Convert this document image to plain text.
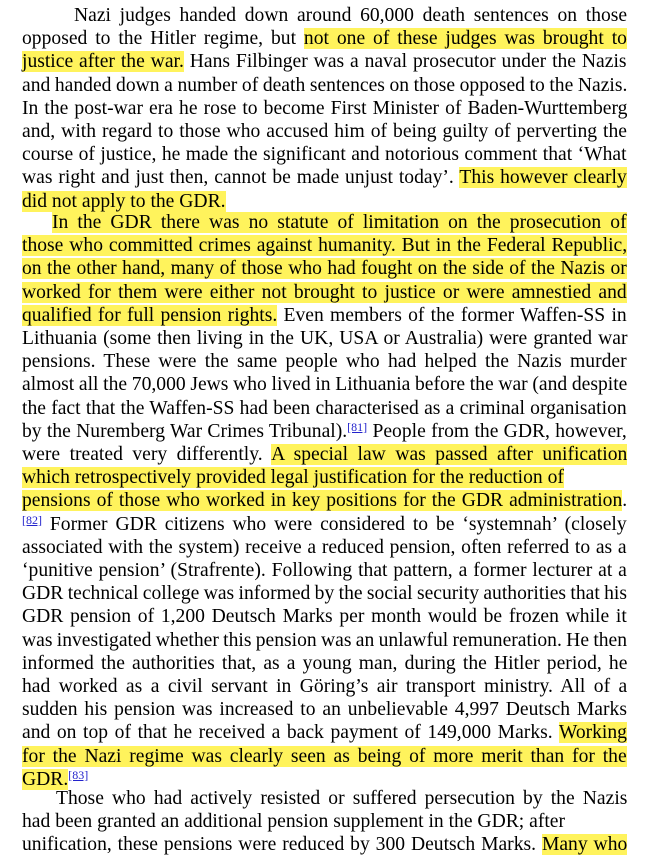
Nazi judges handed down around 60,000 death sentences on those
opposed to the Hitler regime, but not one of these judges was brought to
justice after the war. Hans Filbinger was a naval prosecutor under the Nazis
and handed down a number of death sentences on those opposed to the Nazis.
In the post-war era he rose to become First Minister of Baden-Wurttemberg
and, with regard to those who accused him of being guilty of perverting the
course of justice, he made the significant and notorious comment that ‘What
was right and just then, cannot be made unjust today’. This however clearly
did not apply to the GDR.
In the GDR there was no statute of limitation on the prosecution of
those who committed crimes against humanity. But in the Federal Republic,
on the other hand, many of those who had fought on the side of the Nazis or
worked for them were either not brought to justice or were amnestied and
qualified for full pension rights. Even members of the former Waffen-SS in
Lithuania (some then living in the UK, USA or Australia) were granted war
pensions. These were the same people who had helped the Nazis murder
almost all the 70,000 Jews who lived in Lithuania before the war (and despite
the fact that the Waffen-SS had been characterised as a criminal organisation
by the Nuremberg War Crimes Tribunal).[81] People from the GDR, however,
were treated very differently. A special law was passed after unification
which retrospectively provided legal justification for the reduction of
pensions of those who worked in key positions for the GDR administration.
[82] Former GDR citizens who were considered to be ‘systemnah’ (closely
associated with the system) receive a reduced pension, often referred to as a
‘punitive pension’ (Strafrente). Following that pattern, a former lecturer at a
GDR technical college was informed by the social security authorities that his
GDR pension of 1,200 Deutsch Marks per month would be frozen while it
was investigated whether this pension was an unlawful remuneration. He then
informed the authorities that, as a young man, during the Hitler period, he
had worked as a civil servant in Göring’s air transport ministry. All of a
sudden his pension was increased to an unbelievable 4,997 Deutsch Marks
and on top of that he received a back payment of 149,000 Marks. Working
for the Nazi regime was clearly seen as being of more merit than for the
GDR.[83]
Those who had actively resisted or suffered persecution by the Nazis
had been granted an additional pension supplement in the GDR; after
unification, these pensions were reduced by 300 Deutsch Marks. Many who
